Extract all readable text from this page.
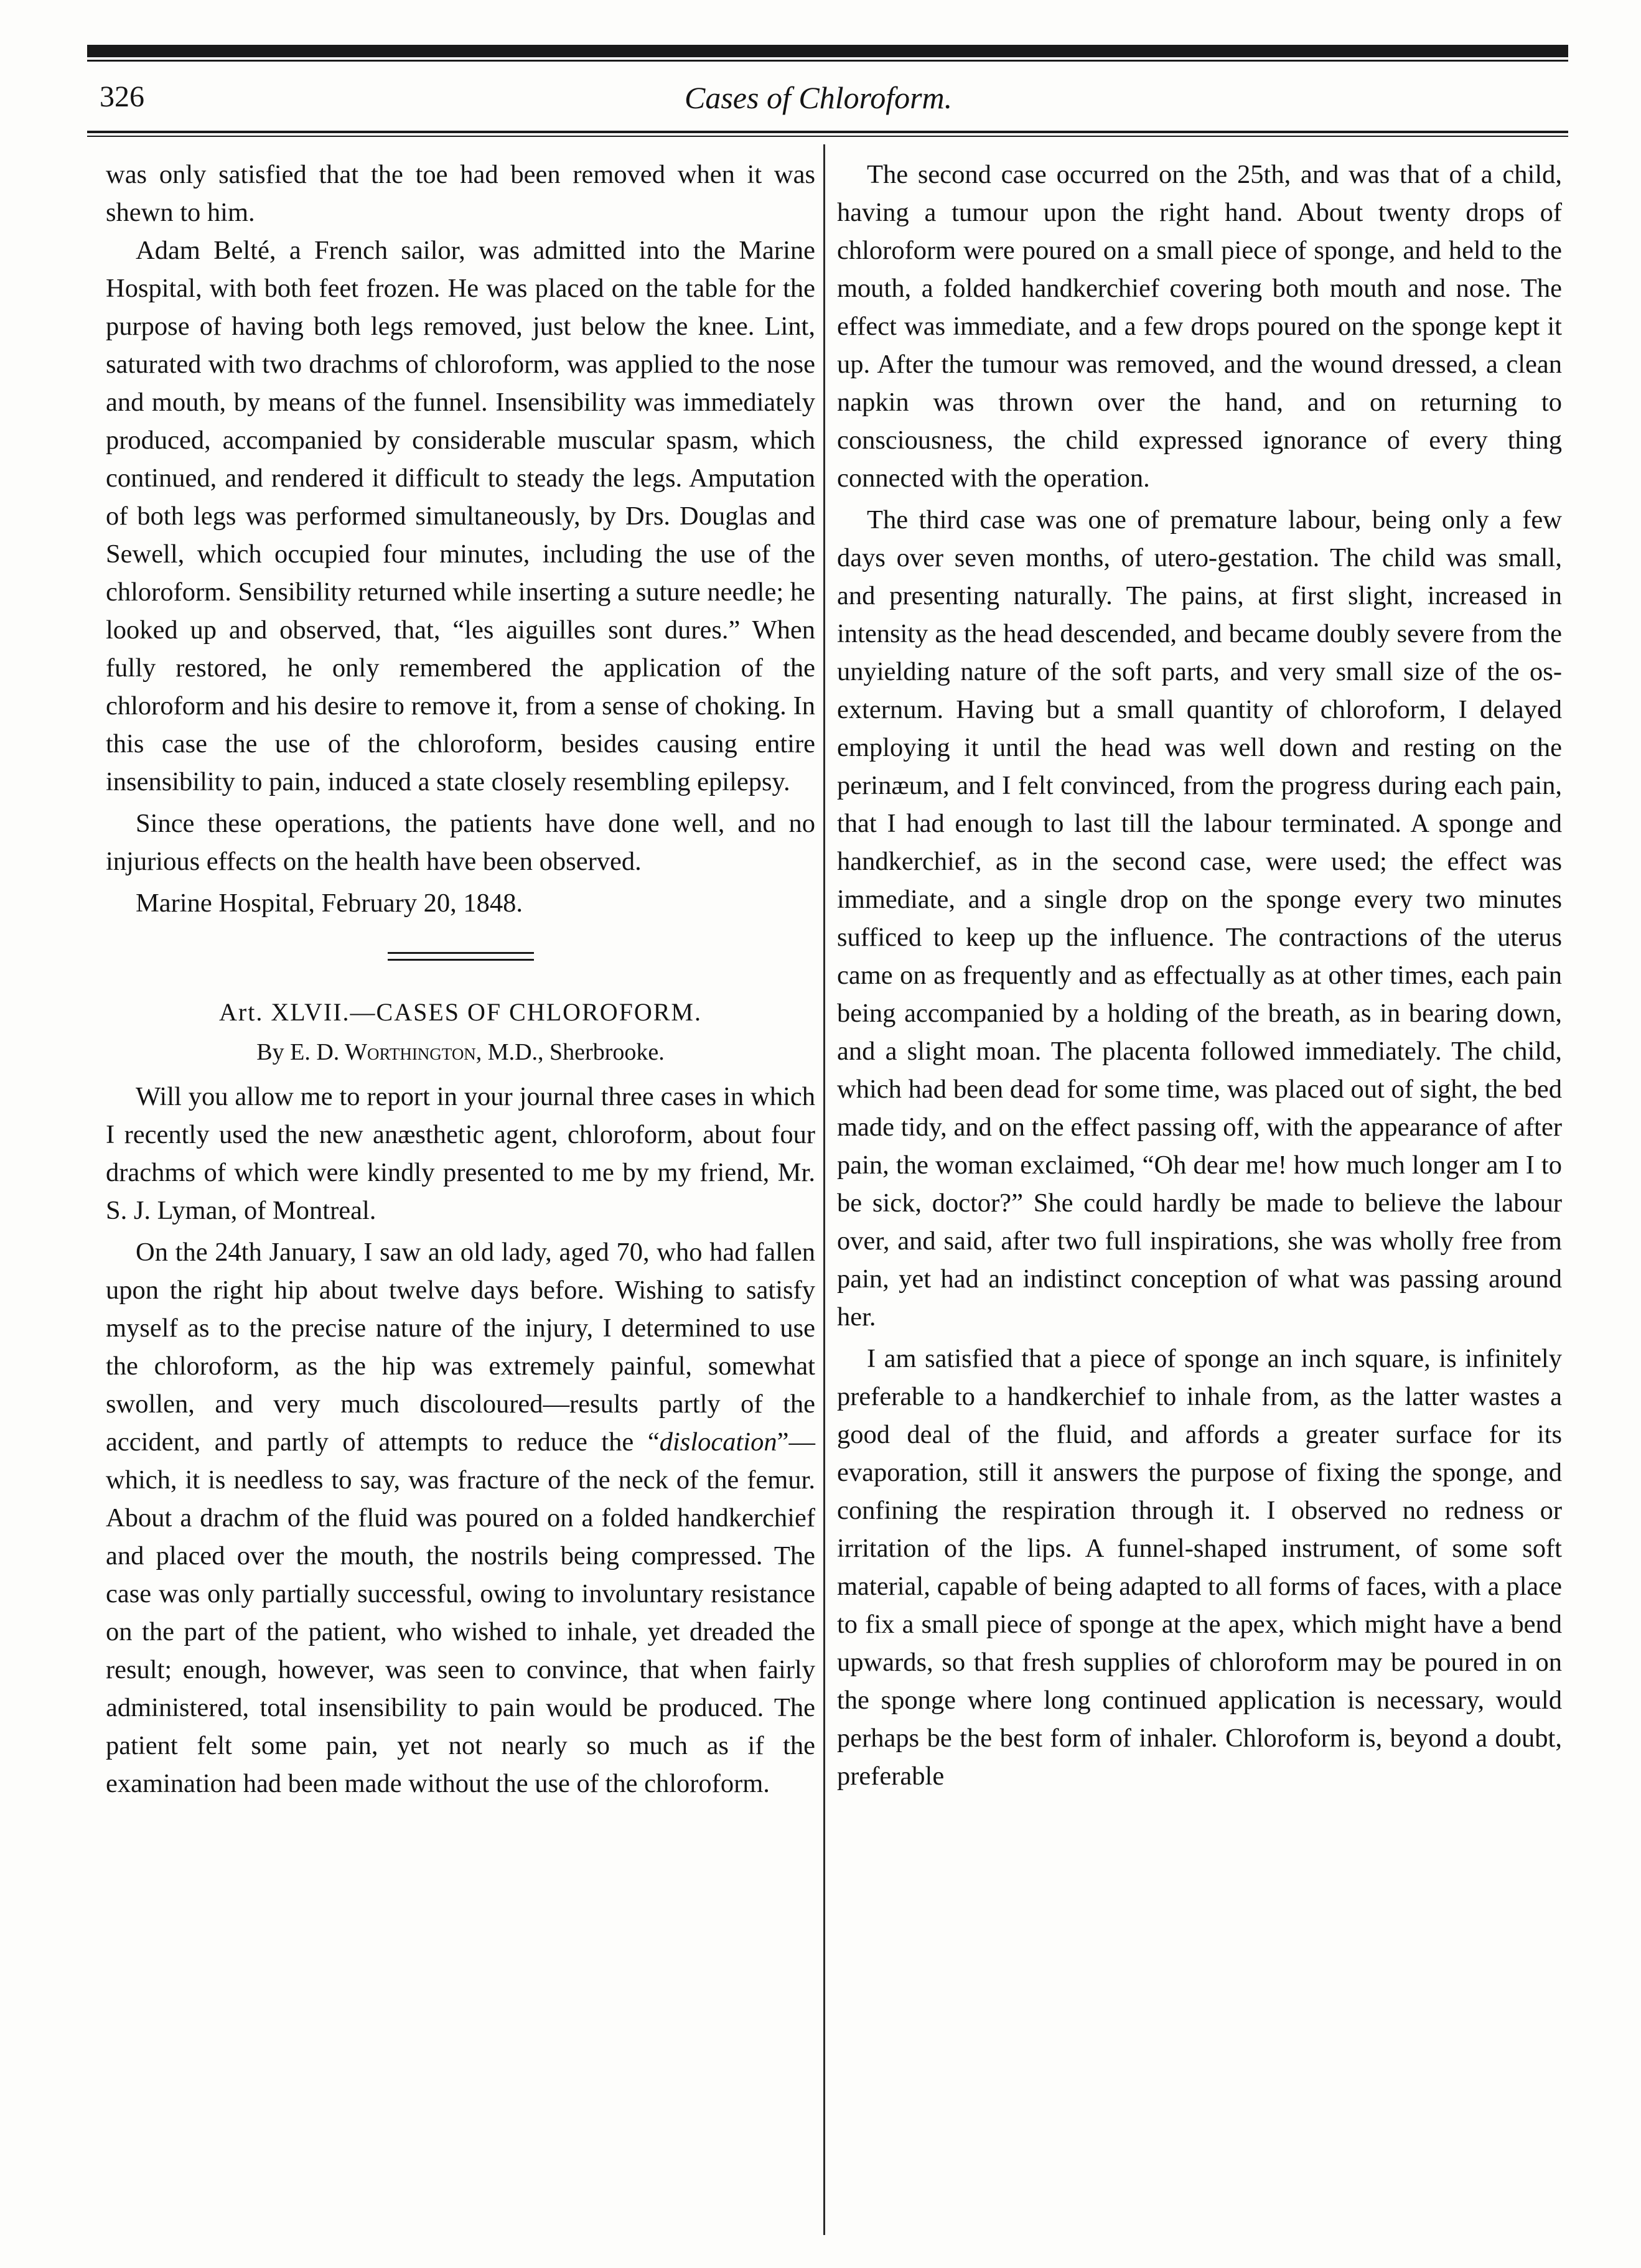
326	Cases of Chloroform.

was only satisfied that the toe had been removed when it was shewn to him.

Adam Belté, a French sailor, was admitted into the Marine Hospital, with both feet frozen. He was placed on the table for the purpose of having both legs removed, just below the knee. Lint, saturated with two drachms of chloroform, was applied to the nose and mouth, by means of the funnel. Insensibility was immediately produced, accompanied by considerable muscular spasm, which continued, and rendered it difficult to steady the legs. Amputation of both legs was performed simultaneously, by Drs. Douglas and Sewell, which occupied four minutes, including the use of the chloroform. Sensibility returned while inserting a suture needle; he looked up and observed, that, “les aiguilles sont dures.” When fully restored, he only remembered the application of the chloroform and his desire to remove it, from a sense of choking. In this case the use of the chloroform, besides causing entire insensibility to pain, induced a state closely resembling epilepsy.

Since these operations, the patients have done well, and no injurious effects on the health have been observed.

Marine Hospital, February 20, 1848.

Art. XLVII.—CASES OF CHLOROFORM.
By E. D. Worthington, M.D., Sherbrooke.

Will you allow me to report in your journal three cases in which I recently used the new anæsthetic agent, chloroform, about four drachms of which were kindly presented to me by my friend, Mr. S. J. Lyman, of Montreal.

On the 24th January, I saw an old lady, aged 70, who had fallen upon the right hip about twelve days before. Wishing to satisfy myself as to the precise nature of the injury, I determined to use the chloroform, as the hip was extremely painful, somewhat swollen, and very much discoloured—results partly of the accident, and partly of attempts to reduce the “dislocation”—which, it is needless to say, was fracture of the neck of the femur. About a drachm of the fluid was poured on a folded handkerchief and placed over the mouth, the nostrils being compressed. The case was only partially successful, owing to involuntary resistance on the part of the patient, who wished to inhale, yet dreaded the result; enough, however, was seen to convince, that when fairly administered, total insensibility to pain would be produced. The patient felt some pain, yet not nearly so much as if the examination had been made without the use of the chloroform.

The second case occurred on the 25th, and was that of a child, having a tumour upon the right hand. About twenty drops of chloroform were poured on a small piece of sponge, and held to the mouth, a folded handkerchief covering both mouth and nose. The effect was immediate, and a few drops poured on the sponge kept it up. After the tumour was removed, and the wound dressed, a clean napkin was thrown over the hand, and on returning to consciousness, the child expressed ignorance of every thing connected with the operation.

The third case was one of premature labour, being only a few days over seven months, of utero-gestation. The child was small, and presenting naturally. The pains, at first slight, increased in intensity as the head descended, and became doubly severe from the unyielding nature of the soft parts, and very small size of the os-externum. Having but a small quantity of chloroform, I delayed employing it until the head was well down and resting on the perinæum, and I felt convinced, from the progress during each pain, that I had enough to last till the labour terminated. A sponge and handkerchief, as in the second case, were used; the effect was immediate, and a single drop on the sponge every two minutes sufficed to keep up the influence. The contractions of the uterus came on as frequently and as effectually as at other times, each pain being accompanied by a holding of the breath, as in bearing down, and a slight moan. The placenta followed immediately. The child, which had been dead for some time, was placed out of sight, the bed made tidy, and on the effect passing off, with the appearance of after pain, the woman exclaimed, “Oh dear me! how much longer am I to be sick, doctor?” She could hardly be made to believe the labour over, and said, after two full inspirations, she was wholly free from pain, yet had an indistinct conception of what was passing around her.

I am satisfied that a piece of sponge an inch square, is infinitely preferable to a handkerchief to inhale from, as the latter wastes a good deal of the fluid, and affords a greater surface for its evaporation, still it answers the purpose of fixing the sponge, and confining the respiration through it. I observed no redness or irritation of the lips. A funnel-shaped instrument, of some soft material, capable of being adapted to all forms of faces, with a place to fix a small piece of sponge at the apex, which might have a bend upwards, so that fresh supplies of chloroform may be poured in on the sponge where long continued application is necessary, would perhaps be the best form of inhaler. Chloroform is, beyond a doubt, preferable
